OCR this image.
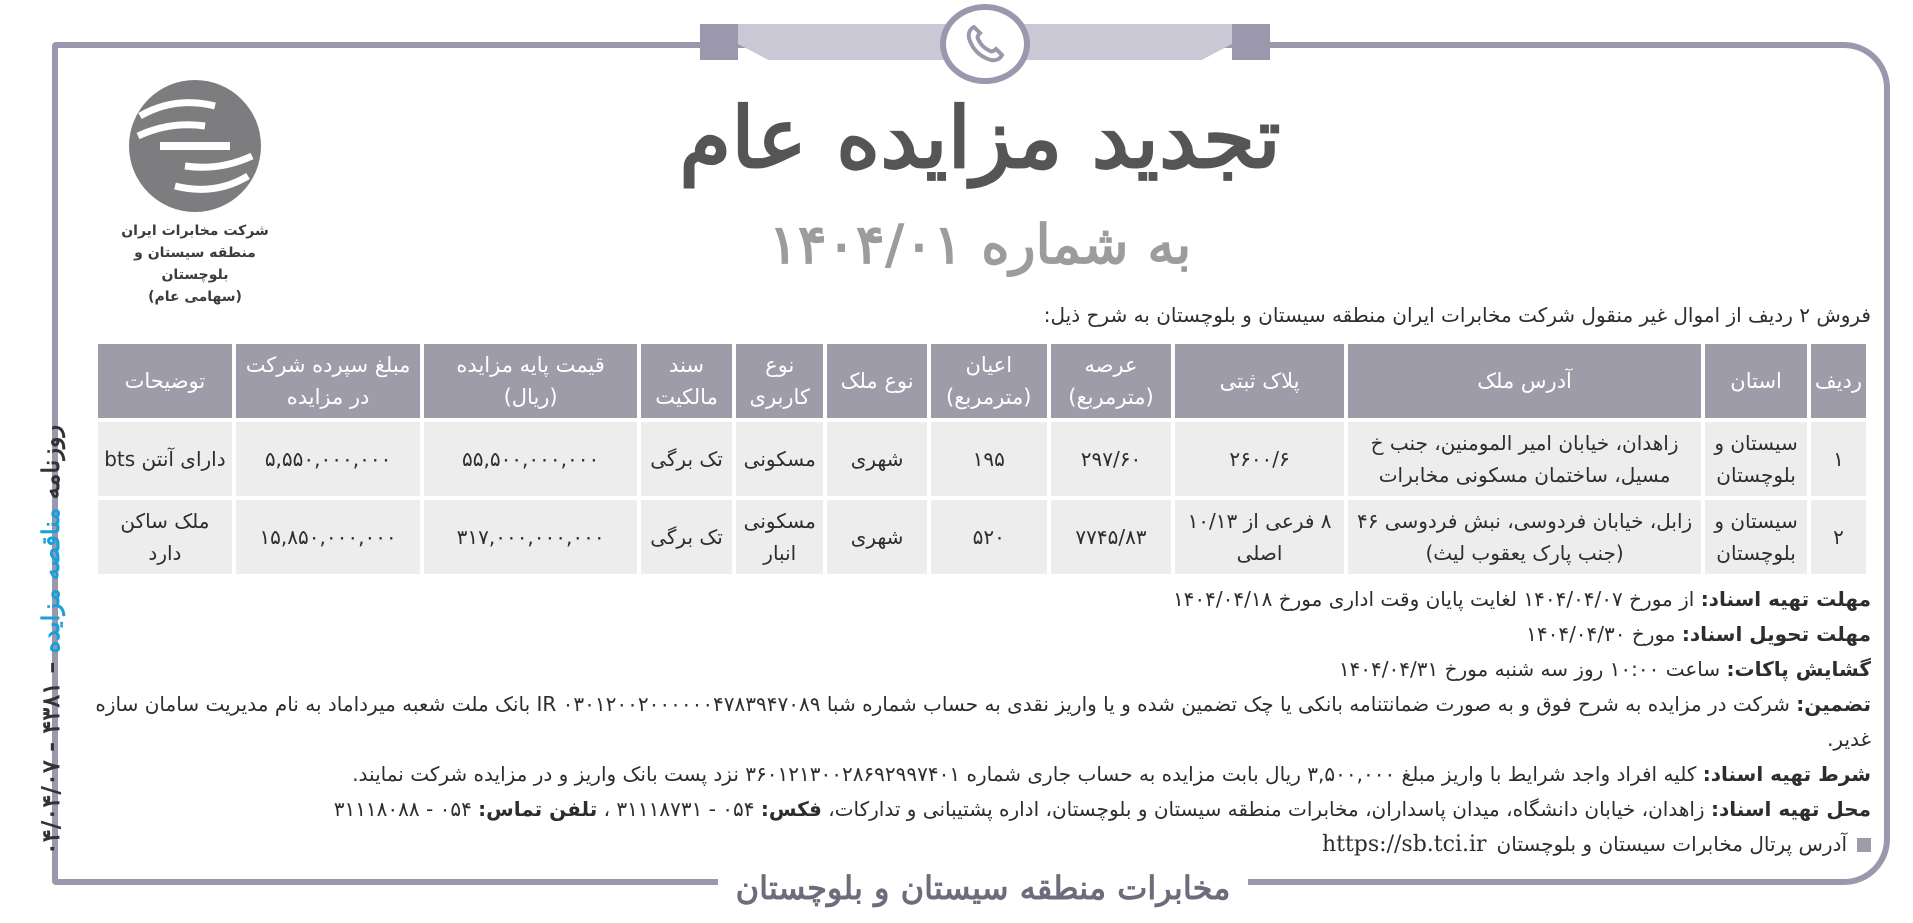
شرکت مخابرات ایران
منطقه سیستان و بلوچستان
(سهامی عام)
تجدید مزایده عام
به شماره ۱۴۰۴/۰۱
فروش ۲ ردیف از اموال غیر منقول شرکت مخابرات ایران منطقه سیستان و بلوچستان به شرح ذیل:
ردیف	استان	آدرس ملک	پلاک ثبتی	عرصه (مترمربع)	اعیان (مترمربع)	نوع ملک	نوع کاربری	سند مالکیت	قیمت پایه مزایده (ریال)	مبلغ سپرده شرکت در مزایده	توضیحات
۱	سیستان و بلوچستان	زاهدان، خیابان امیر المومنین، جنب خ مسیل، ساختمان مسکونی مخابرات	۲۶۰۰/۶	۲۹۷/۶۰	۱۹۵	شهری	مسکونی	تک برگی	۵۵,۵۰۰,۰۰۰,۰۰۰	۵,۵۵۰,۰۰۰,۰۰۰	دارای آنتن bts
۲	سیستان و بلوچستان	زابل، خیابان فردوسی، نبش فردوسی ۴۶ (جنب پارک یعقوب لیث)	۸ فرعی از ۱۰/۱۳ اصلی	۷۷۴۵/۸۳	۵۲۰	شهری	مسکونی انبار	تک برگی	۳۱۷,۰۰۰,۰۰۰,۰۰۰	۱۵,۸۵۰,۰۰۰,۰۰۰	ملک ساکن دارد
روزنامه مناقصه مزایده – ۴۳۸۱ - ۰۴/۰۴/۰۷

مهلت تهیه اسناد: از مورخ ۱۴۰۴/۰۴/۰۷ لغایت پایان وقت اداری مورخ ۱۴۰۴/۰۴/۱۸

مهلت تحویل اسناد: مورخ ۱۴۰۴/۰۴/۳۰

گشایش پاکات: ساعت ۱۰:۰۰ روز سه شنبه مورخ ۱۴۰۴/۰۴/۳۱

تضمین: شرکت در مزایده به شرح فوق و به صورت ضمانتنامه بانکی یا چک تضمین شده و یا واریز نقدی به حساب شماره شبا IR ۰۳۰۱۲۰۰۲۰۰۰۰۰۰۴۷۸۳۹۴۷۰۸۹ بانک ملت شعبه میرداماد به نام مدیریت سامان سازه غدیر.

شرط تهیه اسناد: کلیه افراد واجد شرایط با واریز مبلغ ۳,۵۰۰,۰۰۰ ریال بابت مزایده به حساب جاری شماره ۳۶۰۱۲۱۳۰۰۲۸۶۹۲۹۹۷۴۰۱ نزد پست بانک واریز و در مزایده شرکت نمایند.

محل تهیه اسناد: زاهدان، خیابان دانشگاه، میدان پاسداران، مخابرات منطقه سیستان و بلوچستان، اداره پشتیبانی و تدارکات، فکس: ۰۵۴ - ۳۱۱۱۸۷۳۱ ، تلفن تماس: ۰۵۴ - ۳۱۱۱۸۰۸۸

آدرس پرتال مخابرات سیستان و بلوچستان
https://sb.tci.ir

مخابرات منطقه سیستان و بلوچستان
